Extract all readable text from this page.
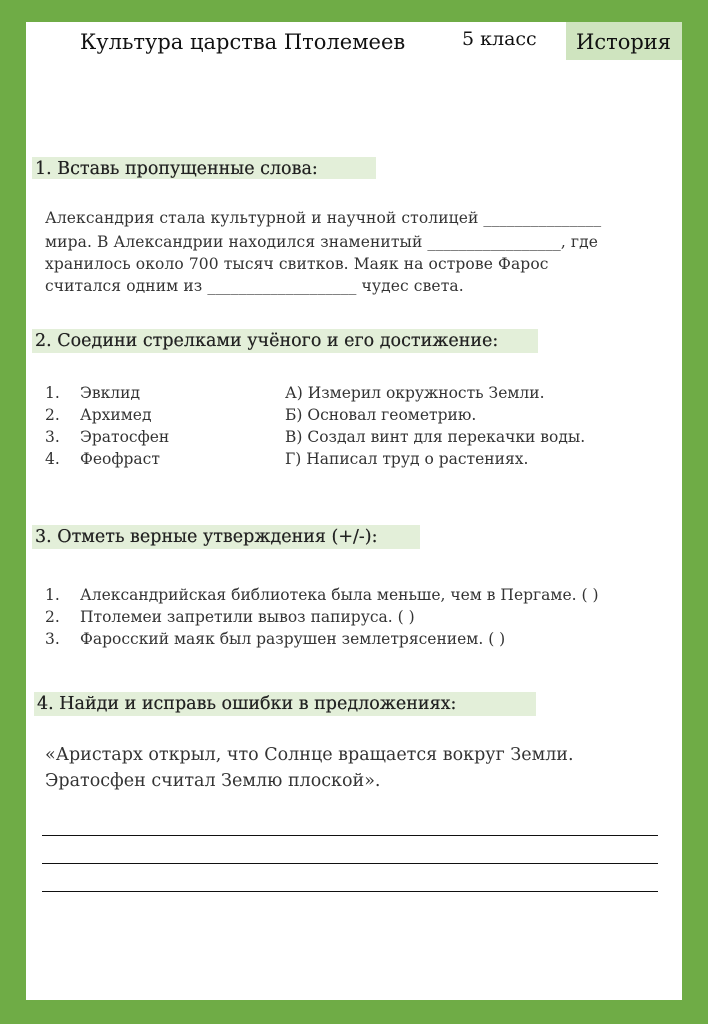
Культура царства Птолемеев	5 класс История
1. Вставь пропущенные слова:
Александрия стала культурной и научной столицей _______________
мира. В Александрии находился знаменитый _________________, где
хранилось около 700 тысяч свитков. Маяк на острове Фарос
считался одним из ___________________ чудес света.
2. Соедини стрелками учёного и его достижение:
1. Эвклид
2. Архимед
3. Эратосфен
4. Феофраст
А) Измерил окружность Земли.
Б) Основал геометрию.
В) Создал винт для перекачки воды.
Г) Написал труд о растениях.
3. Отметь верные утверждения (+/-):
1. Александрийская библиотека была меньше, чем в Пергаме. ( )
2. Птолемеи запретили вывоз папируса. ( )
3. Фаросский маяк был разрушен землетрясением. ( )
4. Найди и исправь ошибки в предложениях:
«Аристарх открыл, что Солнце вращается вокруг Земли.
Эратосфен считал Землю плоской».
